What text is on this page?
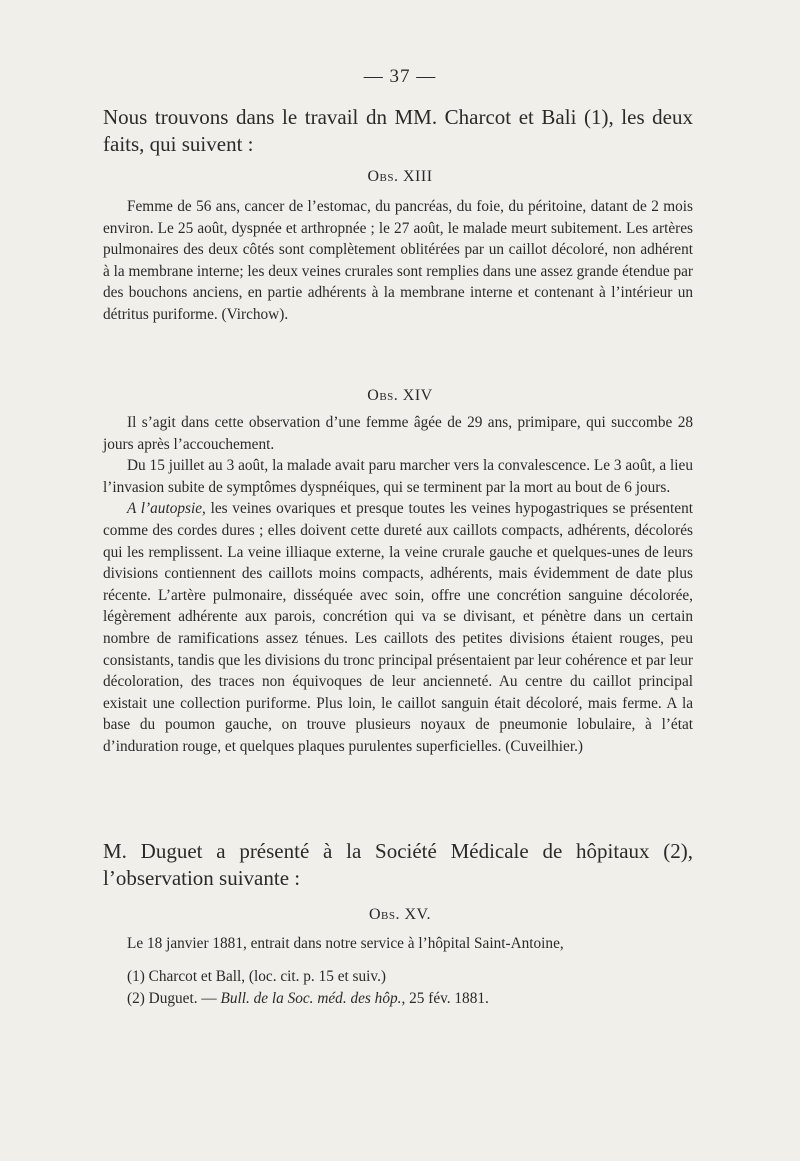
— 37 —
Nous trouvons dans le travail dn MM. Charcot et Bali (1), les deux faits, qui suivent :
Obs. XIII

Femme de 56 ans, cancer de l’estomac, du pancréas, du foie, du péritoine, datant de 2 mois environ. Le 25 août, dyspnée et arthropnée ; le 27 août, le malade meurt subitement. Les artères pulmonaires des deux côtés sont complètement oblitérées par un caillot décoloré, non adhérent à la membrane interne; les deux veines crurales sont remplies dans une assez grande étendue par des bouchons anciens, en partie adhérents à la membrane interne et contenant à l’intérieur un détritus puriforme. (Virchow).

Obs. XIV

Il s’agit dans cette observation d’une femme âgée de 29 ans, primipare, qui succombe 28 jours après l’accouchement.

Du 15 juillet au 3 août, la malade avait paru marcher vers la convalescence. Le 3 août, a lieu l’invasion subite de symptômes dyspnéiques, qui se terminent par la mort au bout de 6 jours.

A l’autopsie, les veines ovariques et presque toutes les veines hypogastriques se présentent comme des cordes dures ; elles doivent cette dureté aux caillots compacts, adhérents, décolorés qui les remplissent. La veine illiaque externe, la veine crurale gauche et quelques-unes de leurs divisions contiennent des caillots moins compacts, adhérents, mais évidemment de date plus récente. L’artère pulmonaire, disséquée avec soin, offre une concrétion sanguine décolorée, légèrement adhérente aux parois, concrétion qui va se divisant, et pénètre dans un certain nombre de ramifications assez ténues. Les caillots des petites divisions étaient rouges, peu consistants, tandis que les divisions du tronc principal présentaient par leur cohérence et par leur décoloration, des traces non équivoques de leur ancienneté. Au centre du caillot principal existait une collection puriforme. Plus loin, le caillot sanguin était décoloré, mais ferme. A la base du poumon gauche, on trouve plusieurs noyaux de pneumonie lobulaire, à l’état d’induration rouge, et quelques plaques purulentes superficielles. (Cuveilhier.)

M. Duguet a présenté à la Société Médicale de hôpitaux (2), l’observation suivante :
Obs. XV.

Le 18 janvier 1881, entrait dans notre service à l’hôpital Saint-Antoine,

(1) Charcot et Ball, (loc. cit. p. 15 et suiv.)
(2) Duguet. — Bull. de la Soc. méd. des hôp., 25 fév. 1881.
